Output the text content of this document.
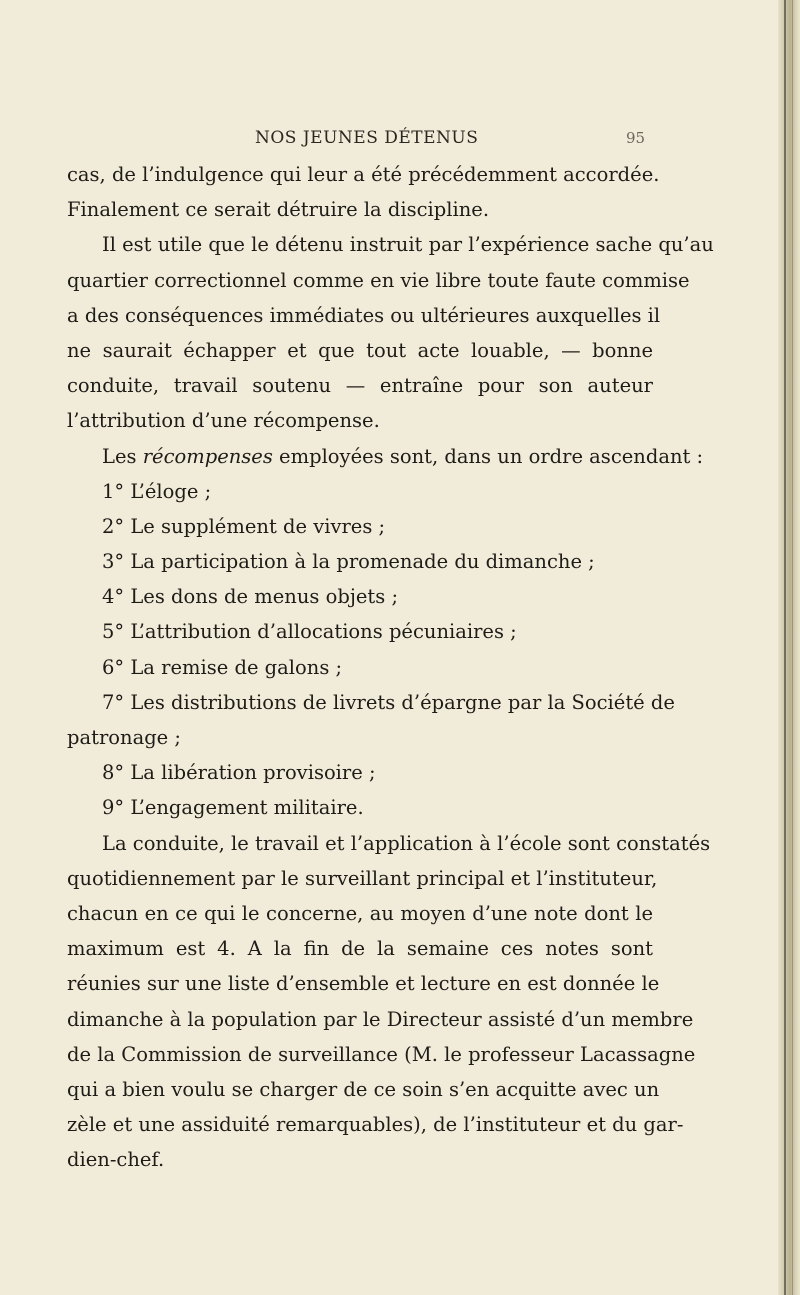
NOS JEUNES DÉTENUS	95
cas, de l’indulgence qui leur a été précédemment accordée.
Finalement ce serait détruire la discipline.
Il est utile que le détenu instruit par l’expérience sache qu’au
quartier correctionnel comme en vie libre toute faute commise
a des conséquences immédiates ou ultérieures auxquelles il
ne saurait échapper et que tout acte louable, — bonne
conduite, travail soutenu — entraîne pour son auteur
l’attribution d’une récompense.
Les récompenses employées sont, dans un ordre ascendant :
1° L’éloge ;
2° Le supplément de vivres ;
3° La participation à la promenade du dimanche ;
4° Les dons de menus objets ;
5° L’attribution d’allocations pécuniaires ;
6° La remise de galons ;
7° Les distributions de livrets d’épargne par la Société de
patronage ;
8° La libération provisoire ;
9° L’engagement militaire.
La conduite, le travail et l’application à l’école sont constatés
quotidiennement par le surveillant principal et l’instituteur,
chacun en ce qui le concerne, au moyen d’une note dont le
maximum est 4. A la fin de la semaine ces notes sont
réunies sur une liste d’ensemble et lecture en est donnée le
dimanche à la population par le Directeur assisté d’un membre
de la Commission de surveillance (M. le professeur Lacassagne
qui a bien voulu se charger de ce soin s’en acquitte avec un
zèle et une assiduité remarquables), de l’instituteur et du gar-
dien-chef.
